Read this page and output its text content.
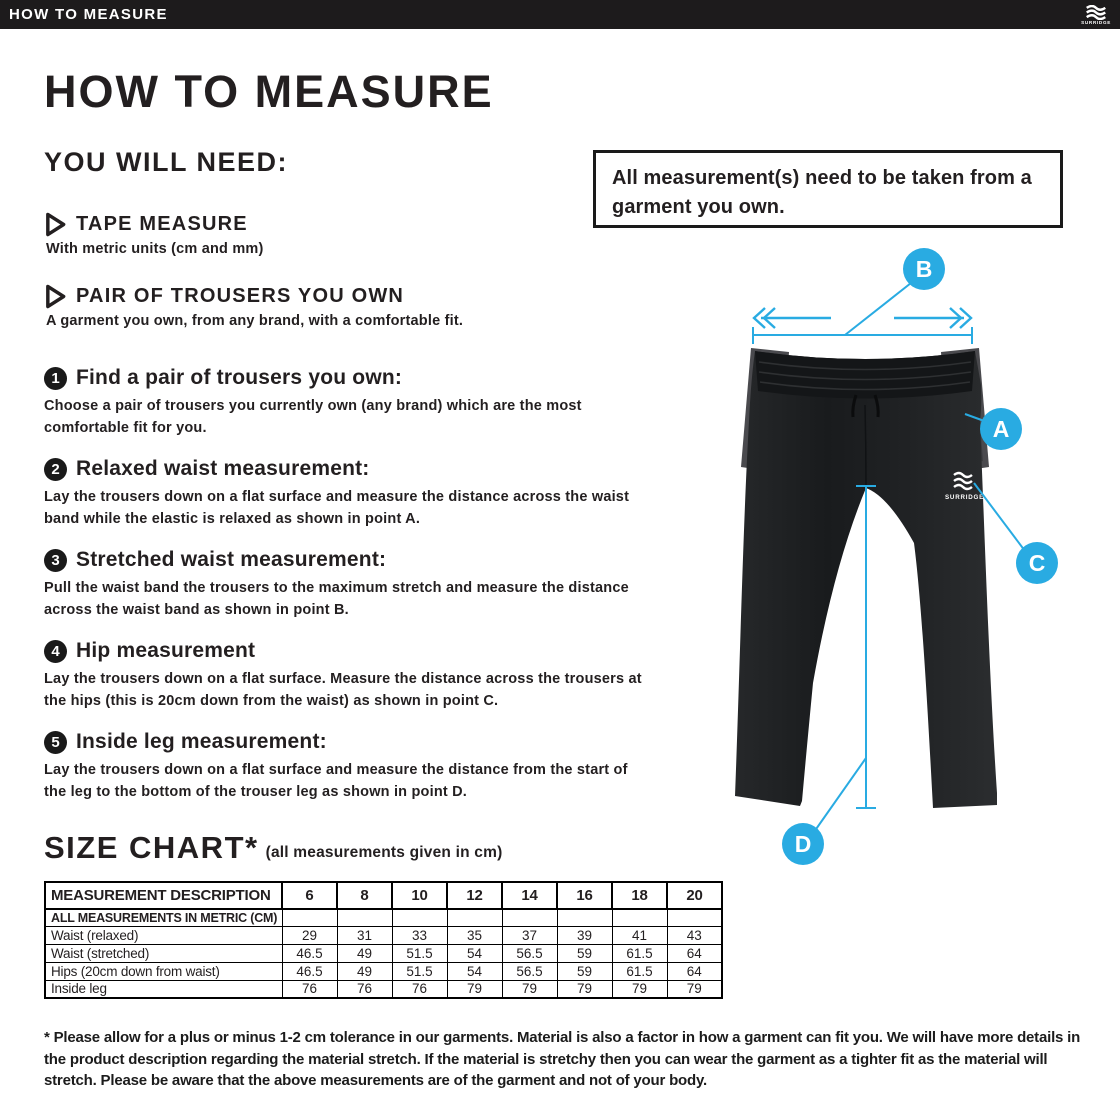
HOW TO MEASURE	SURRIDGE
HOW TO MEASURE
YOU WILL NEED:
TAPE MEASURE

With metric units (cm and mm)

PAIR OF TROUSERS YOU OWN

A garment you own, from any brand, with a comfortable fit.

All measurement(s) need to be taken from a garment you own.

1 Find a pair of trousers you own:

Choose a pair of trousers you currently own (any brand) which are the most comfortable fit for you.

2 Relaxed waist measurement:

Lay the trousers down on a flat surface and measure the distance across the waist band while the elastic is relaxed as shown in point A.

3 Stretched waist measurement:

Pull the waist band the trousers to the maximum stretch and measure the distance across the waist band as shown in point B.

4 Hip measurement

Lay the trousers down on a flat surface. Measure the distance across the trousers at the hips (this is 20cm down from the waist) as shown in point C.

5 Inside leg measurement:

Lay the trousers down on a flat surface and measure the distance from the start of the leg to the bottom of the trouser leg as shown in point D.

SIZE CHART* (all measurements given in cm)
MEASUREMENT DESCRIPTION	6	8	10	12	14	16	18	20
ALL MEASUREMENTS IN METRIC (CM)								
Waist (relaxed)	29	31	33	35	37	39	41	43
Waist (stretched)	46.5	49	51.5	54	56.5	59	61.5	64
Hips (20cm down from waist)	46.5	49	51.5	54	56.5	59	61.5	64
Inside leg	76	76	76	79	79	79	79	79

* Please allow for a plus or minus 1-2 cm tolerance in our garments. Material is also a factor in how a garment can fit you. We will have more details in the product description regarding the material stretch. If the material is stretchy then you can wear the garment as a tighter fit as the material will stretch. Please be aware that the above measurements are of the garment and not of your body.

SURRIDGE
B
A
C
D
